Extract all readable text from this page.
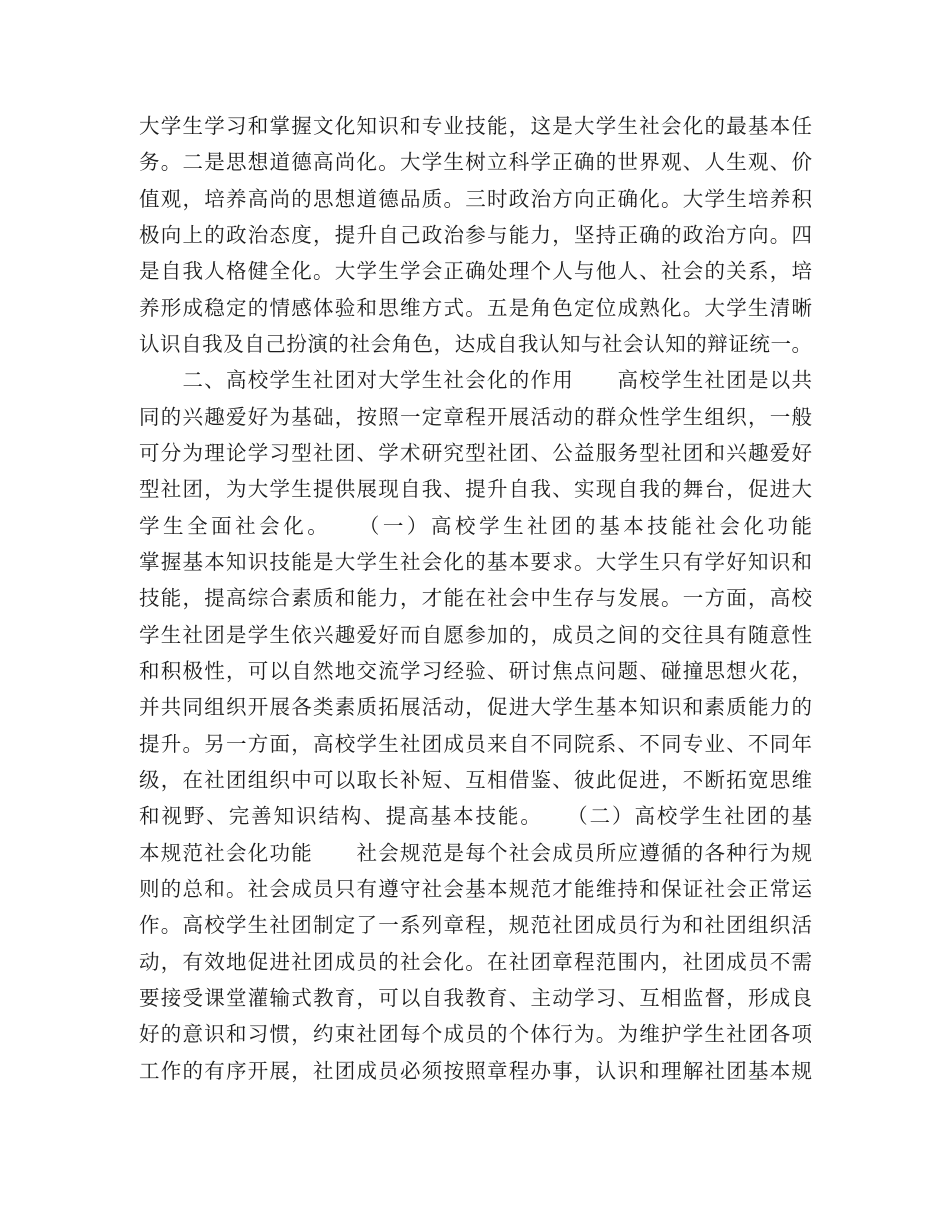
大学生学习和掌握文化知识和专业技能，这是大学生社会化的最基本任
务。二是思想道德高尚化。大学生树立科学正确的世界观、人生观、价
值观，培养高尚的思想道德品质。三时政治方向正确化。大学生培养积
极向上的政治态度，提升自己政治参与能力，坚持正确的政治方向。四
是自我人格健全化。大学生学会正确处理个人与他人、社会的关系，培
养形成稳定的情感体验和思维方式。五是角色定位成熟化。大学生清晰
认识自我及自己扮演的社会角色，达成自我认知与社会认知的辩证统一。
　　二、高校学生社团对大学生社会化的作用　　高校学生社团是以共
同的兴趣爱好为基础，按照一定章程开展活动的群众性学生组织，一般
可分为理论学习型社团、学术研究型社团、公益服务型社团和兴趣爱好
型社团，为大学生提供展现自我、提升自我、实现自我的舞台，促进大
学生全面社会化。　　（一）高校学生社团的基本技能社会化功能
掌握基本知识技能是大学生社会化的基本要求。大学生只有学好知识和
技能，提高综合素质和能力，才能在社会中生存与发展。一方面，高校
学生社团是学生依兴趣爱好而自愿参加的，成员之间的交往具有随意性
和积极性，可以自然地交流学习经验、研讨焦点问题、碰撞思想火花，
并共同组织开展各类素质拓展活动，促进大学生基本知识和素质能力的
提升。另一方面，高校学生社团成员来自不同院系、不同专业、不同年
级，在社团组织中可以取长补短、互相借鉴、彼此促进，不断拓宽思维
和视野、完善知识结构、提高基本技能。　　（二）高校学生社团的基
本规范社会化功能　　社会规范是每个社会成员所应遵循的各种行为规
则的总和。社会成员只有遵守社会基本规范才能维持和保证社会正常运
作。高校学生社团制定了一系列章程，规范社团成员行为和社团组织活
动，有效地促进社团成员的社会化。在社团章程范围内，社团成员不需
要接受课堂灌输式教育，可以自我教育、主动学习、互相监督，形成良
好的意识和习惯，约束社团每个成员的个体行为。为维护学生社团各项
工作的有序开展，社团成员必须按照章程办事，认识和理解社团基本规
